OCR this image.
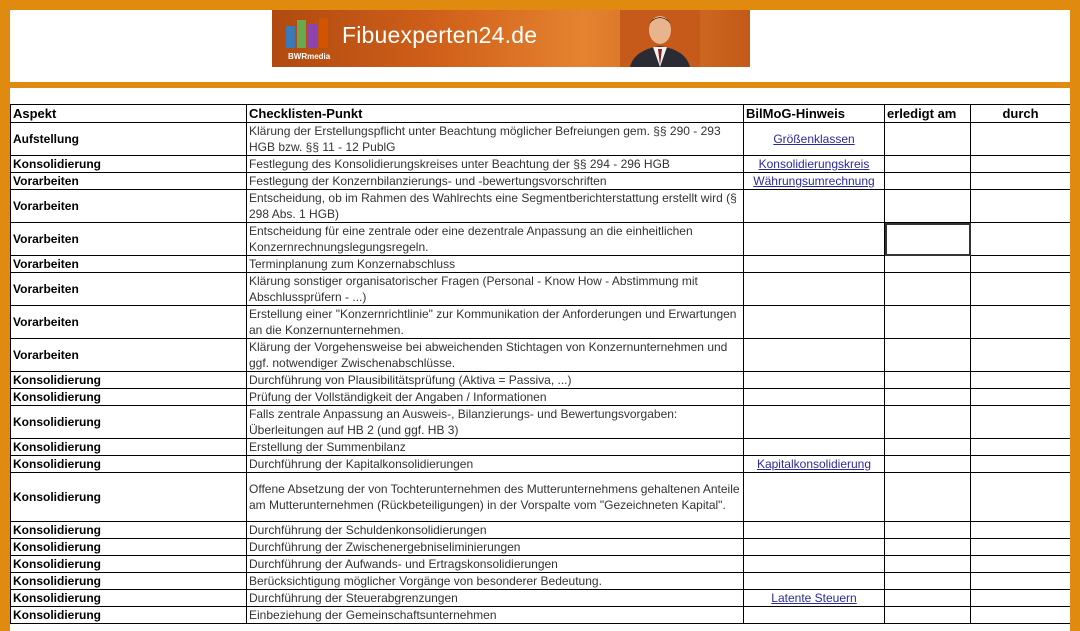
Fibuexperten24.de
BWRmedia
Aspekt	Checklisten-Punkt	BilMoG-Hinweis	erledigt am	durch
Aufstellung	Klärung der Erstellungspflicht unter Beachtung möglicher Befreiungen gem. §§ 290 - 293 HGB bzw. §§ 11 - 12 PublG	Größenklassen		
Konsolidierung	Festlegung des Konsolidierungskreises unter Beachtung der §§ 294 - 296 HGB	Konsolidierungskreis		
Vorarbeiten	Festlegung der Konzernbilanzierungs- und -bewertungsvorschriften	Währungsumrechnung		
Vorarbeiten	Entscheidung, ob im Rahmen des Wahlrechts eine Segmentberichterstattung erstellt wird (§ 298 Abs. 1 HGB)			
Vorarbeiten	Entscheidung für eine zentrale oder eine dezentrale Anpassung an die einheitlichen Konzernrechnungslegungsregeln.			
Vorarbeiten	Terminplanung zum Konzernabschluss			
Vorarbeiten	Klärung sonstiger organisatorischer Fragen (Personal - Know How - Abstimmung mit Abschlussprüfern - ...)			
Vorarbeiten	Erstellung einer "Konzernrichtlinie" zur Kommunikation der Anforderungen und Erwartungen an die Konzernunternehmen.			
Vorarbeiten	Klärung der Vorgehensweise bei abweichenden Stichtagen von Konzernunternehmen und ggf. notwendiger Zwischenabschlüsse.			
Konsolidierung	Durchführung von Plausibilitätsprüfung (Aktiva = Passiva, ...)			
Konsolidierung	Prüfung der Vollständigkeit der Angaben / Informationen			
Konsolidierung	Falls zentrale Anpassung an Ausweis-, Bilanzierungs- und Bewertungsvorgaben: Überleitungen auf HB 2 (und ggf. HB 3)			
Konsolidierung	Erstellung der Summenbilanz			
Konsolidierung	Durchführung der Kapitalkonsolidierungen	Kapitalkonsolidierung		
Konsolidierung	Offene Absetzung der von Tochterunternehmen des Mutterunternehmens gehaltenen Anteile am Mutterunternehmen (Rückbeteiligungen) in der Vorspalte vom "Gezeichneten Kapital".			
Konsolidierung	Durchführung der Schuldenkonsolidierungen			
Konsolidierung	Durchführung der Zwischenergebniseliminierungen			
Konsolidierung	Durchführung der Aufwands- und Ertragskonsolidierungen			
Konsolidierung	Berücksichtigung möglicher Vorgänge von besonderer Bedeutung.			
Konsolidierung	Durchführung der Steuerabgrenzungen	Latente Steuern		
Konsolidierung	Einbeziehung der Gemeinschaftsunternehmen			
